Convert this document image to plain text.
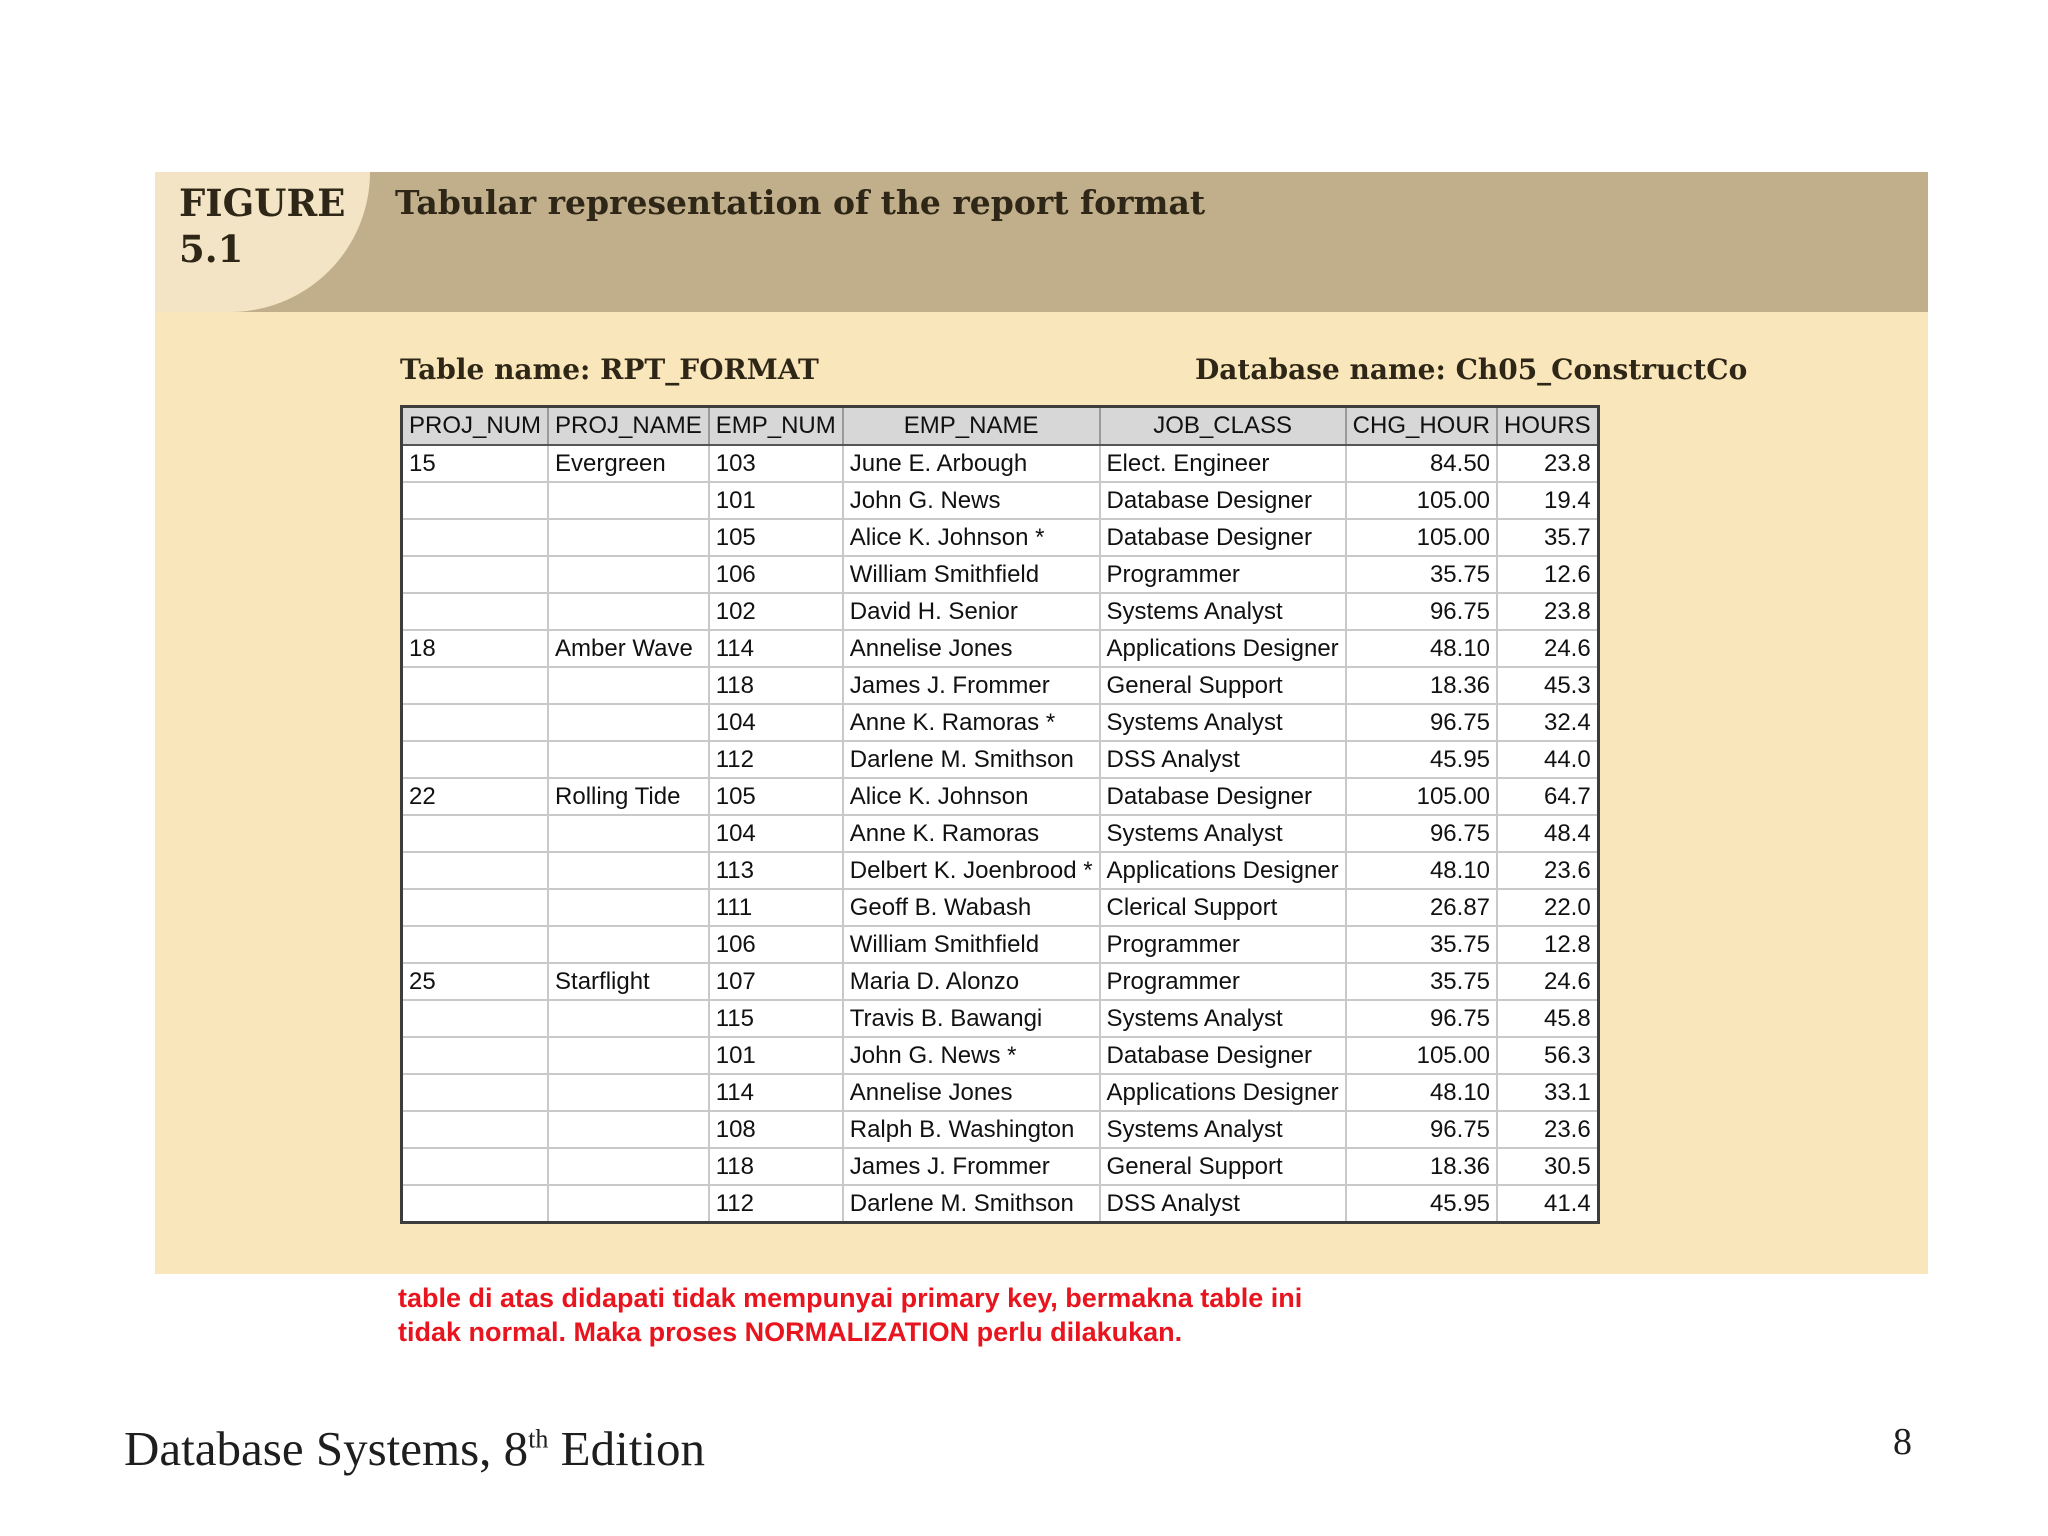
FIGURE
5.1
Tabular representation of the report format
Table name: RPT_FORMAT	Database name: Ch05_ConstructCo
PROJ_NUM	PROJ_NAME	EMP_NUM	EMP_NAME	JOB_CLASS	CHG_HOUR	HOURS
15	Evergreen	103	June E. Arbough	Elect. Engineer	84.50	23.8
		101	John G. News	Database Designer	105.00	19.4
		105	Alice K. Johnson *	Database Designer	105.00	35.7
		106	William Smithfield	Programmer	35.75	12.6
		102	David H. Senior	Systems Analyst	96.75	23.8
18	Amber Wave	114	Annelise Jones	Applications Designer	48.10	24.6
		118	James J. Frommer	General Support	18.36	45.3
		104	Anne K. Ramoras *	Systems Analyst	96.75	32.4
		112	Darlene M. Smithson	DSS Analyst	45.95	44.0
22	Rolling Tide	105	Alice K. Johnson	Database Designer	105.00	64.7
		104	Anne K. Ramoras	Systems Analyst	96.75	48.4
		113	Delbert K. Joenbrood *	Applications Designer	48.10	23.6
		111	Geoff B. Wabash	Clerical Support	26.87	22.0
		106	William Smithfield	Programmer	35.75	12.8
25	Starflight	107	Maria D. Alonzo	Programmer	35.75	24.6
		115	Travis B. Bawangi	Systems Analyst	96.75	45.8
		101	John G. News *	Database Designer	105.00	56.3
		114	Annelise Jones	Applications Designer	48.10	33.1
		108	Ralph B. Washington	Systems Analyst	96.75	23.6
		118	James J. Frommer	General Support	18.36	30.5
		112	Darlene M. Smithson	DSS Analyst	45.95	41.4
table di atas didapati tidak mempunyai primary key, bermakna table ini
tidak normal. Maka proses NORMALIZATION perlu dilakukan.
Database Systems, 8th Edition	8
